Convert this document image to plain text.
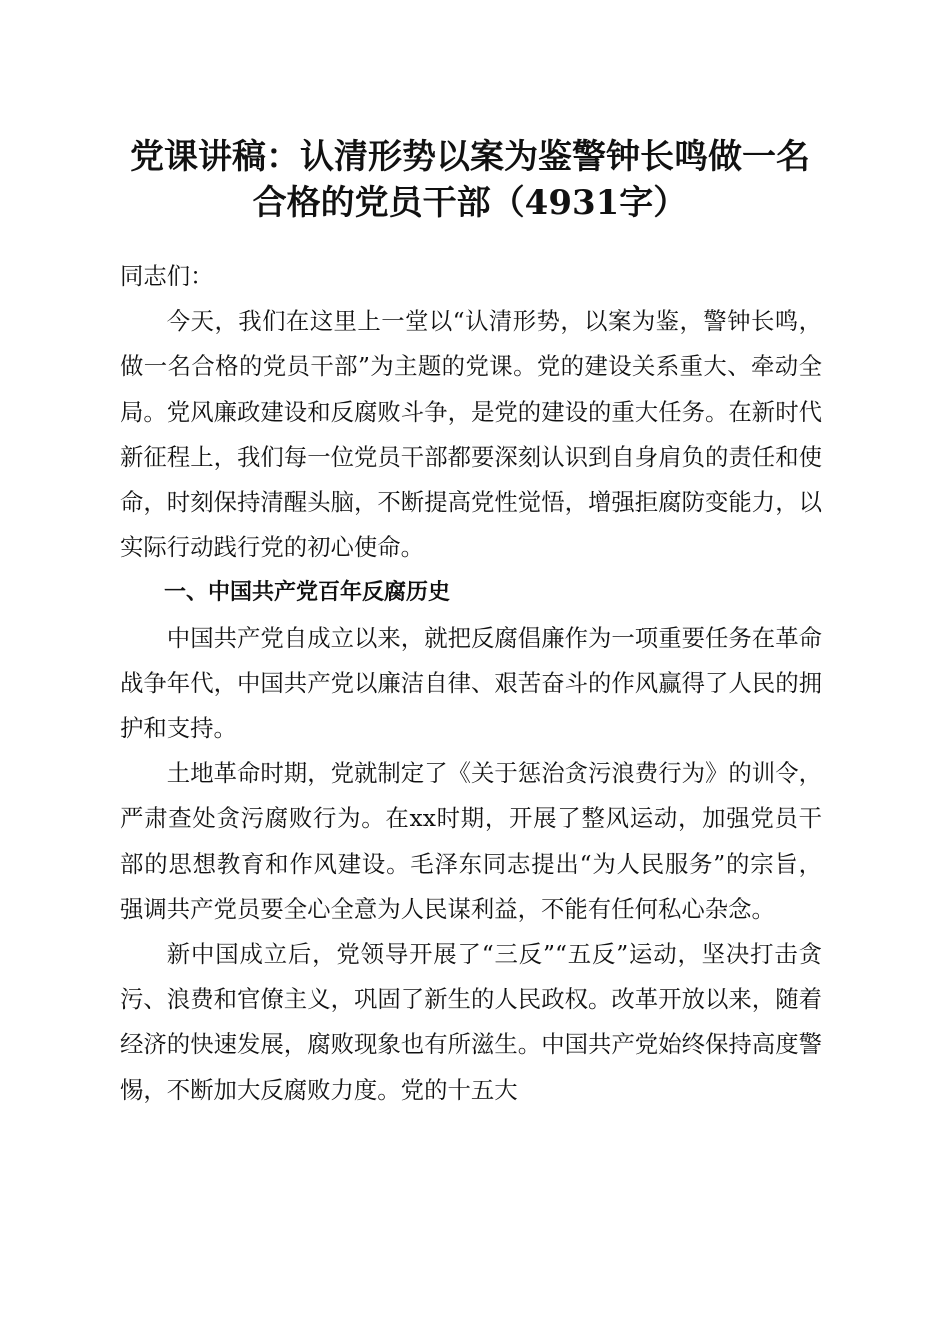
党课讲稿：认清形势以案为鉴警钟长鸣做一名
合格的党员干部（4931字）

同志们：

今天，我们在这里上一堂以“认清形势，以案为鉴，警钟长鸣，做一名合格的党员干部”为主题的党课。党的建设关系重大、牵动全局。党风廉政建设和反腐败斗争，是党的建设的重大任务。在新时代新征程上，我们每一位党员干部都要深刻认识到自身肩负的责任和使命，时刻保持清醒头脑，不断提高党性觉悟，增强拒腐防变能力，以实际行动践行党的初心使命。

一、中国共产党百年反腐历史

中国共产党自成立以来，就把反腐倡廉作为一项重要任务在革命战争年代，中国共产党以廉洁自律、艰苦奋斗的作风赢得了人民的拥护和支持。

土地革命时期，党就制定了《关于惩治贪污浪费行为》的训令，严肃查处贪污腐败行为。在xx时期，开展了整风运动，加强党员干部的思想教育和作风建设。毛泽东同志提出“为人民服务”的宗旨，强调共产党员要全心全意为人民谋利益，不能有任何私心杂念。

新中国成立后，党领导开展了“三反”“五反”运动，坚决打击贪污、浪费和官僚主义，巩固了新生的人民政权。改革开放以来，随着经济的快速发展，腐败现象也有所滋生。中国共产党始终保持高度警惕，不断加大反腐败力度。党的十五大
